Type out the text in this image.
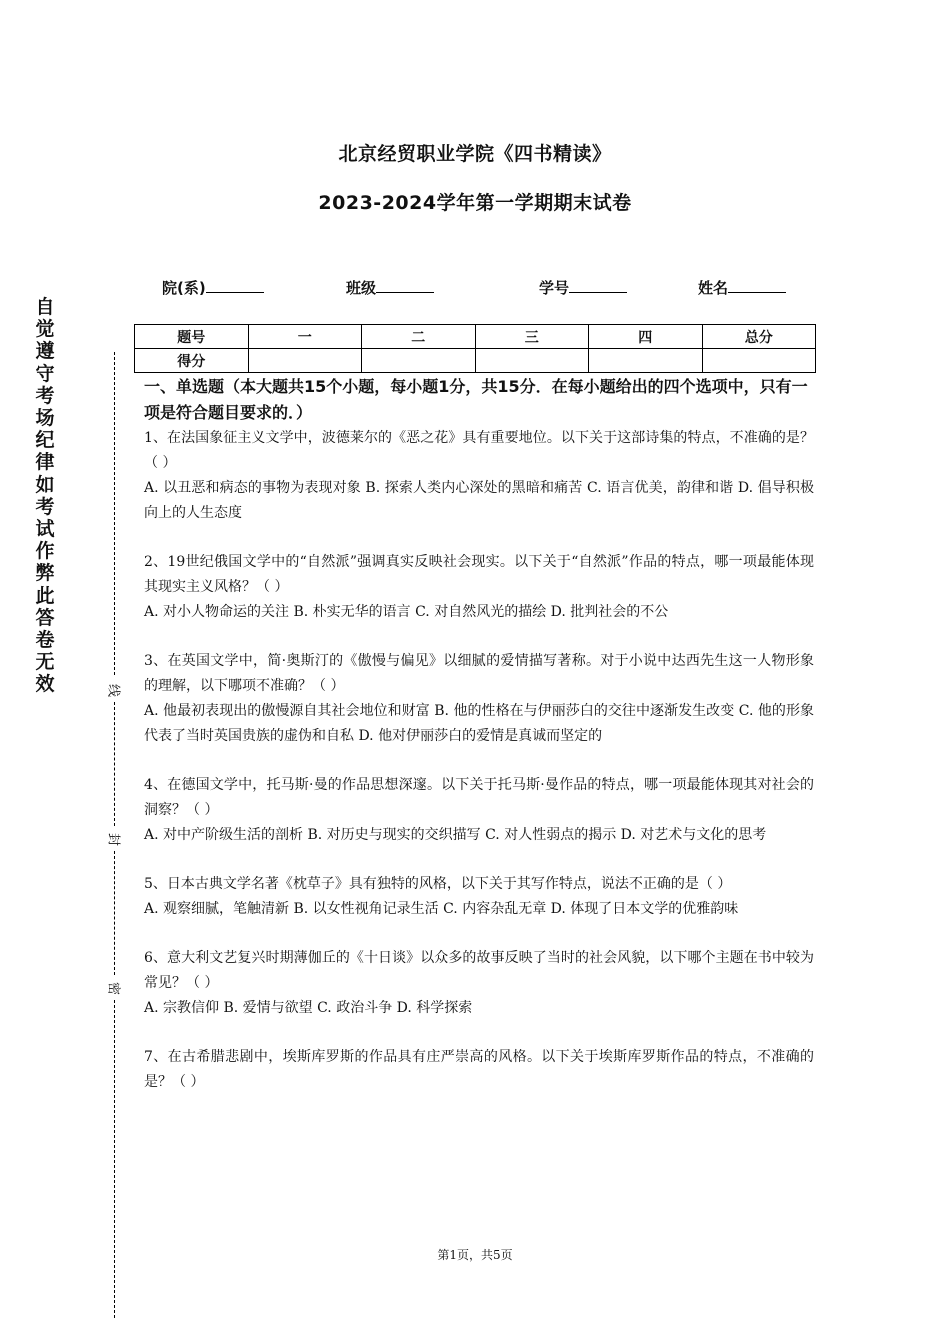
北京经贸职业学院《四书精读》
2023-2024学年第一学期期末试卷
院(系)	班级	学号	姓名
题号	一	二	三	四	总分
得分					
自
觉
遵
守
考
场
纪
律
如
考
试
作
弊
此
答
卷
无
效	线
封
密

一、单选题（本大题共15个小题，每小题1分，共15分．在每小题给出的四个选项中，只有一项是符合题目要求的．）

1、在法国象征主义文学中，波德莱尔的《恶之花》具有重要地位。以下关于这部诗集的特点，不准确的是？（ ）

A. 以丑恶和病态的事物为表现对象 B. 探索人类内心深处的黑暗和痛苦 C. 语言优美，韵律和谐 D. 倡导积极向上的人生态度

2、19世纪俄国文学中的“自然派”强调真实反映社会现实。以下关于“自然派”作品的特点，哪一项最能体现其现实主义风格？（ ）

A. 对小人物命运的关注 B. 朴实无华的语言 C. 对自然风光的描绘 D. 批判社会的不公

3、在英国文学中，简·奥斯汀的《傲慢与偏见》以细腻的爱情描写著称。对于小说中达西先生这一人物形象的理解，以下哪项不准确？（ ）

A. 他最初表现出的傲慢源自其社会地位和财富 B. 他的性格在与伊丽莎白的交往中逐渐发生改变 C. 他的形象代表了当时英国贵族的虚伪和自私 D. 他对伊丽莎白的爱情是真诚而坚定的

4、在德国文学中，托马斯·曼的作品思想深邃。以下关于托马斯·曼作品的特点，哪一项最能体现其对社会的洞察？（ ）

A. 对中产阶级生活的剖析 B. 对历史与现实的交织描写 C. 对人性弱点的揭示 D. 对艺术与文化的思考

5、日本古典文学名著《枕草子》具有独特的风格，以下关于其写作特点，说法不正确的是（ ）

A. 观察细腻，笔触清新 B. 以女性视角记录生活 C. 内容杂乱无章 D. 体现了日本文学的优雅韵味

6、意大利文艺复兴时期薄伽丘的《十日谈》以众多的故事反映了当时的社会风貌，以下哪个主题在书中较为常见？（ ）

A. 宗教信仰 B. 爱情与欲望 C. 政治斗争 D. 科学探索

7、在古希腊悲剧中，埃斯库罗斯的作品具有庄严崇高的风格。以下关于埃斯库罗斯作品的特点，不准确的是？（ ）

第1页，共5页
